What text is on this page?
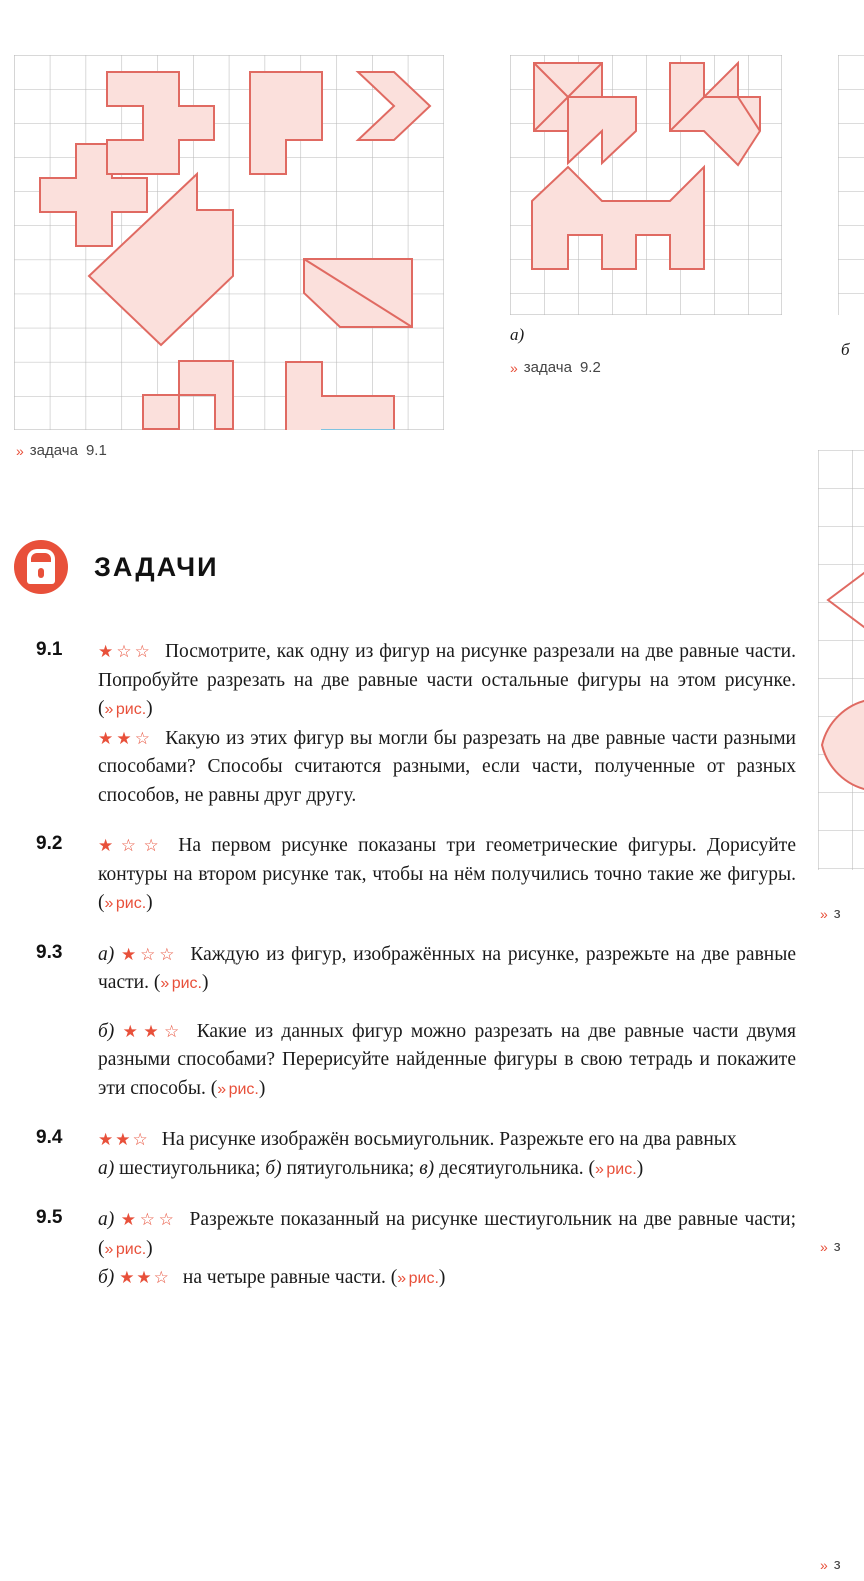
» задача 9.1
а)
» задача 9.2
б
» з
» з
» з
ЗАДАЧИ
9.1	★☆☆ Посмотрите, как одну из фигур на рисунке разрезали на две равные части. Попробуйте разрезать на две равные части остальные фигуры на этом рисунке. (» рис.)

★★☆ Какую из этих фигур вы могли бы разрезать на две равные части разными способами? Способы считаются разными, если части, полученные от разных способов, не равны друг другу.

9.2	★☆☆ На первом рисунке показаны три геометрические фигуры. Дорисуйте контуры на втором рисунке так, чтобы на нём получились точно такие же фигуры. (» рис.)

9.3	а) ★☆☆ Каждую из фигур, изображённых на рисунке, разрежьте на две равные части. (» рис.)

б) ★★☆ Какие из данных фигур можно разрезать на две равные части двумя разными способами? Перерисуйте найденные фигуры в свою тетрадь и покажите эти способы. (» рис.)

9.4	★★☆ На рисунке изображён восьмиугольник. Разрежьте его на два равных

а) шестиугольника; б) пятиугольника; в) десятиугольника. (» рис.)

9.5	а) ★☆☆ Разрежьте показанный на рисунке шестиугольник на две равные части; (» рис.)

б) ★★☆ на четыре равные части. (» рис.)
